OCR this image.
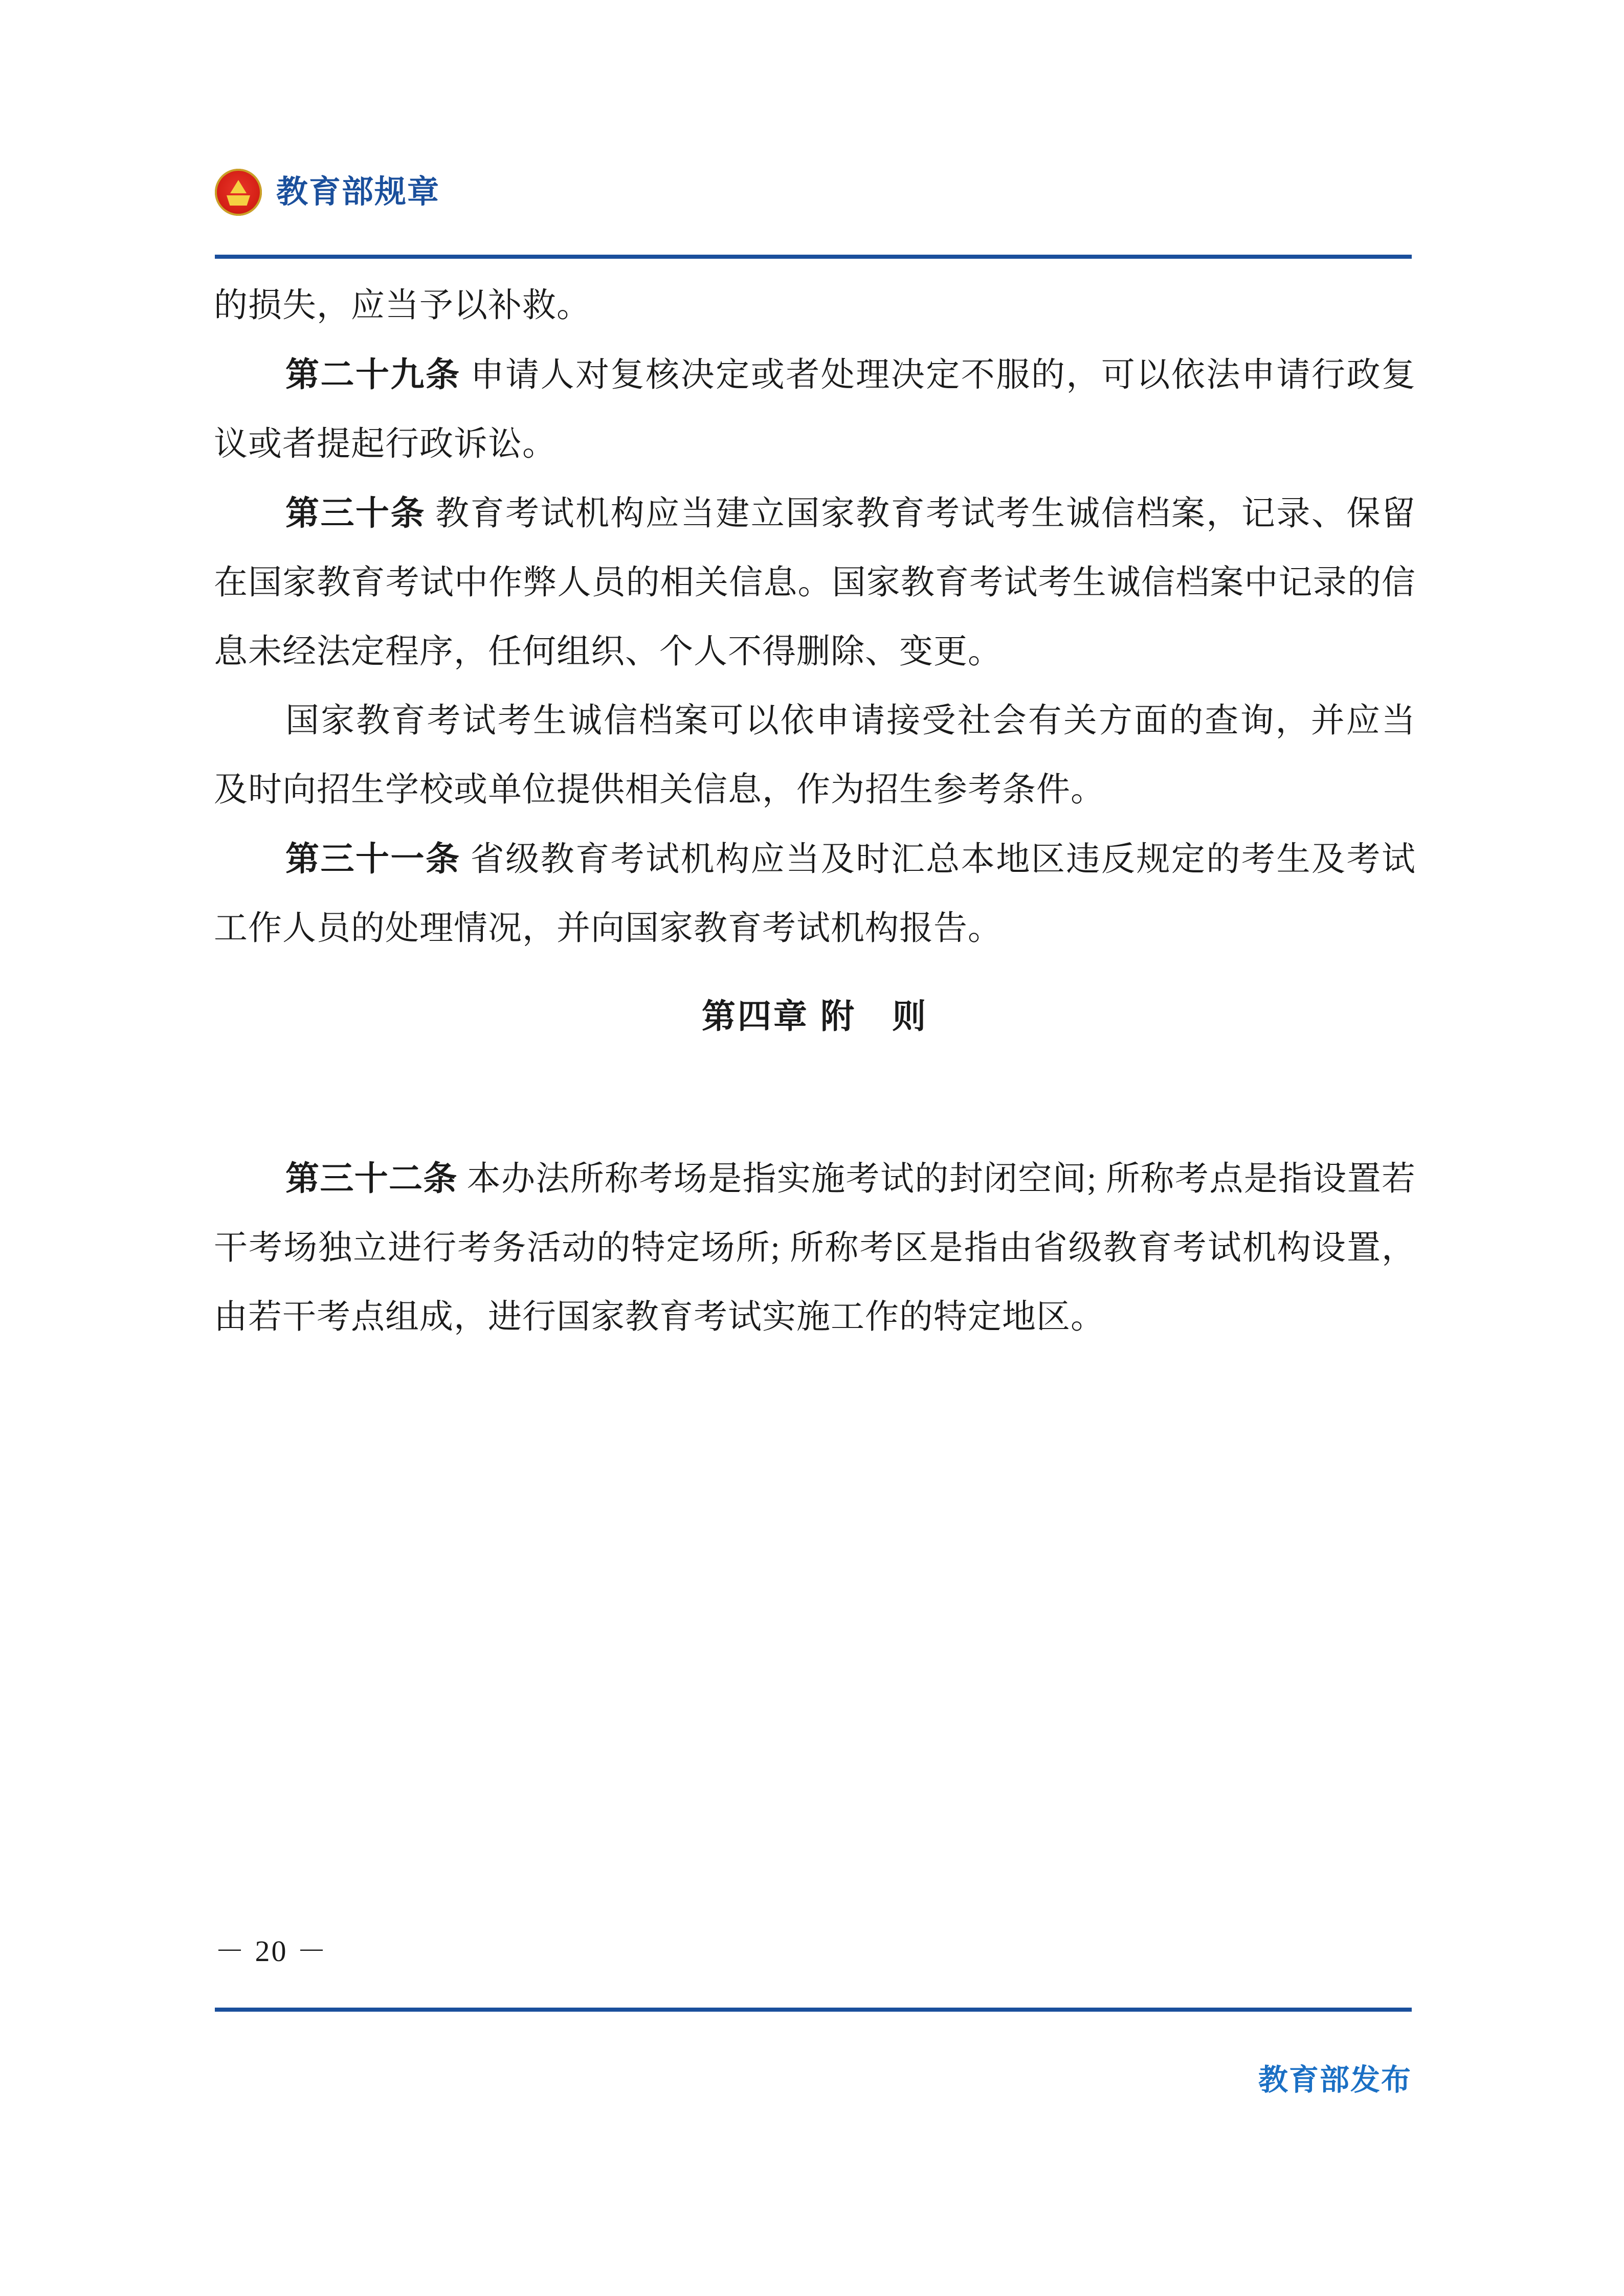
教育部规章

的损失，应当予以补救。

第二十九条 申请人对复核决定或者处理决定不服的，可以依法申请行政复议或者提起行政诉讼。

第三十条 教育考试机构应当建立国家教育考试考生诚信档案，记录、保留在国家教育考试中作弊人员的相关信息。国家教育考试考生诚信档案中记录的信息未经法定程序，任何组织、个人不得删除、变更。

国家教育考试考生诚信档案可以依申请接受社会有关方面的查询，并应当及时向招生学校或单位提供相关信息，作为招生参考条件。

第三十一条 省级教育考试机构应当及时汇总本地区违反规定的考生及考试工作人员的处理情况，并向国家教育考试机构报告。

第四章 附　则

第三十二条 本办法所称考场是指实施考试的封闭空间; 所称考点是指设置若干考场独立进行考务活动的特定场所; 所称考区是指由省级教育考试机构设置，由若干考点组成，进行国家教育考试实施工作的特定地区。

－ 20 －
教育部发布
